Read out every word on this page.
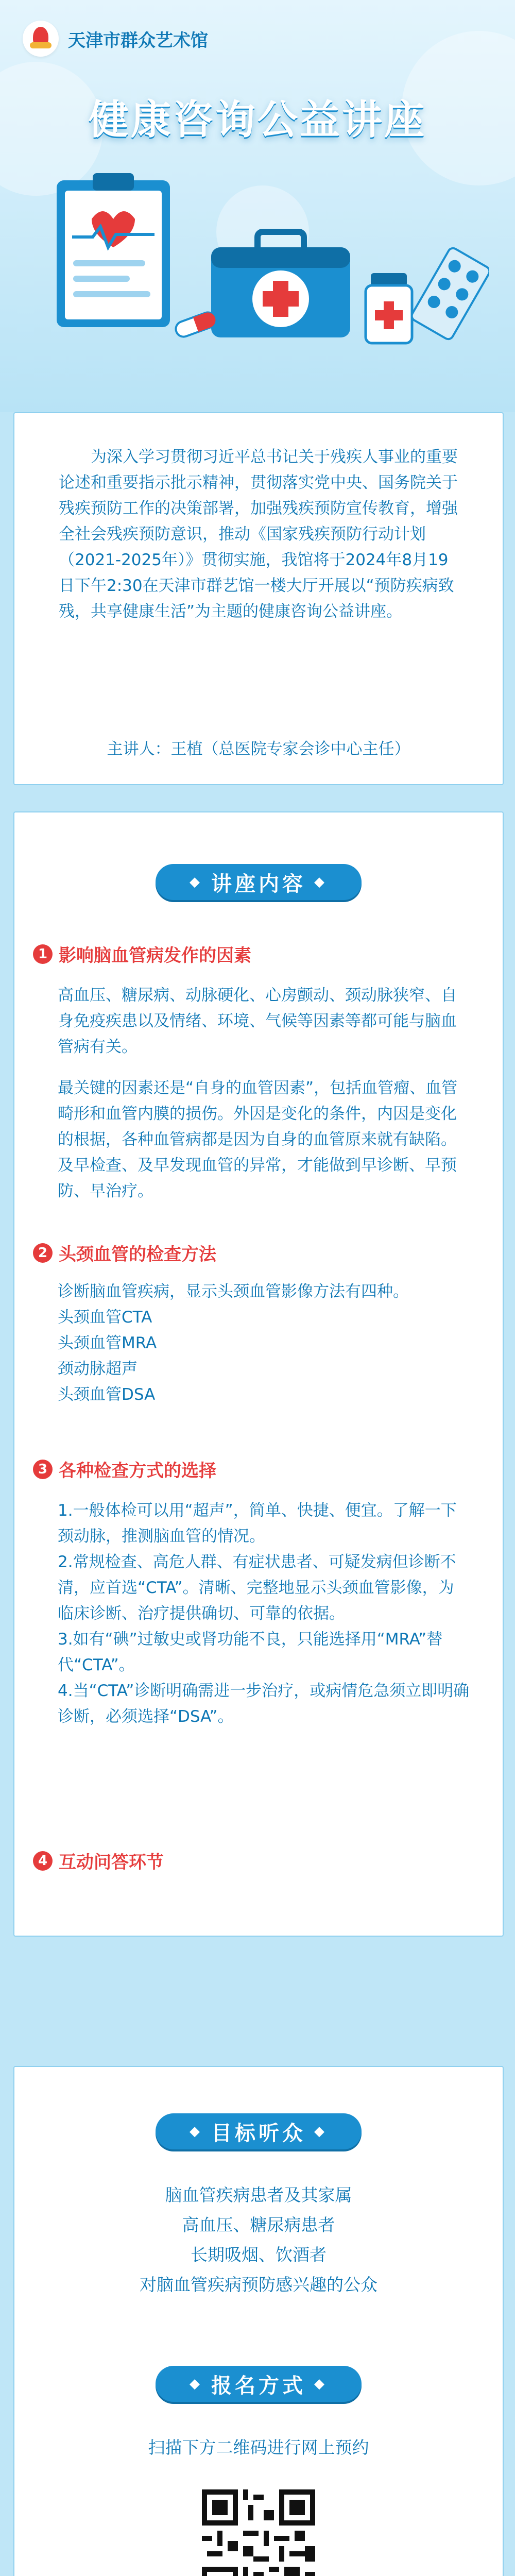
天津市群众艺术馆
健康咨询公益讲座
为深入学习贯彻习近平总书记关于残疾人事业的重要论述和重要指示批示精神，贯彻落实党中央、国务院关于残疾预防工作的决策部署，加强残疾预防宣传教育，增强全社会残疾预防意识，推动《国家残疾预防行动计划（2021-2025年）》贯彻实施，我馆将于2024年8月19日下午2:30在天津市群艺馆一楼大厅开展以“预防疾病致残，共享健康生活”为主题的健康咨询公益讲座。
主讲人：王植（总医院专家会诊中心主任）
◆ 讲座内容 ◆
1 影响脑血管病发作的因素

高血压、糖尿病、动脉硬化、心房颤动、颈动脉狭窄、自身免疫疾患以及情绪、环境、气候等因素等都可能与脑血管病有关。

最关键的因素还是“自身的血管因素”，包括血管瘤、血管畸形和血管内膜的损伤。外因是变化的条件，内因是变化的根据，各种血管病都是因为自身的血管原来就有缺陷。及早检查、及早发现血管的异常，才能做到早诊断、早预防、早治疗。

2 头颈血管的检查方法

诊断脑血管疾病，显示头颈血管影像方法有四种。

头颈血管CTA

头颈血管MRA

颈动脉超声

头颈血管DSA

3 各种检查方式的选择

1.一般体检可以用“超声”，简单、快捷、便宜。了解一下颈动脉，推测脑血管的情况。

2.常规检查、高危人群、有症状患者、可疑发病但诊断不清，应首选“CTA”。清晰、完整地显示头颈血管影像，为临床诊断、治疗提供确切、可靠的依据。

3.如有“碘”过敏史或肾功能不良，只能选择用“MRA”替代“CTA”。

4.当“CTA”诊断明确需进一步治疗，或病情危急须立即明确诊断，必须选择“DSA”。

4 互动问答环节
◆ 目标听众 ◆
脑血管疾病患者及其家属
高血压、糖尿病患者
长期吸烟、饮酒者
对脑血管疾病预防感兴趣的公众
◆ 报名方式 ◆
扫描下方二维码进行网上预约
